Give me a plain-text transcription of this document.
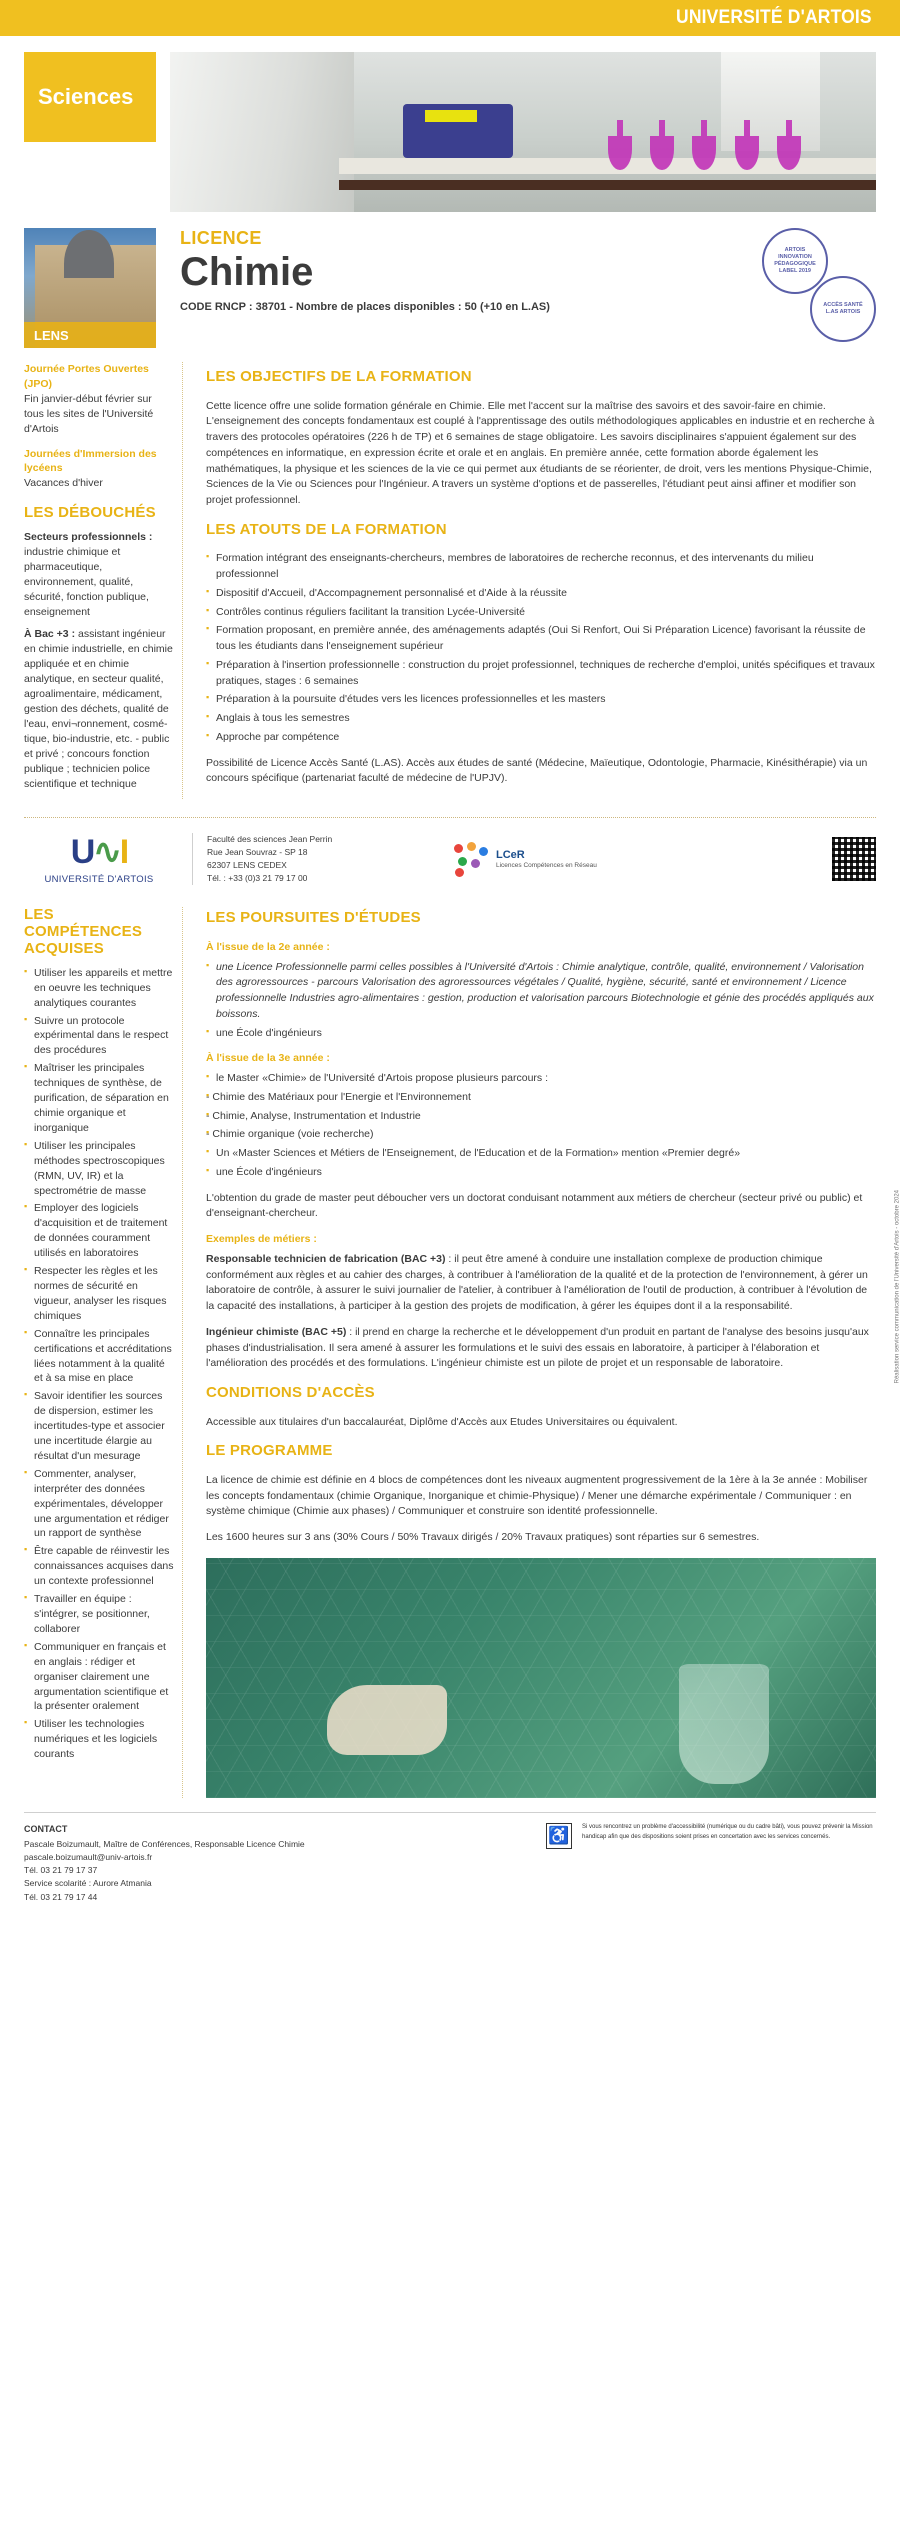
UNIVERSITÉ D'ARTOIS
Sciences
LENS
LICENCE
Chimie
CODE RNCP : 38701 - Nombre de places disponibles : 50 (+10 en L.AS)
ARTOIS INNOVATION PÉDAGOGIQUE LABEL 2019
ACCÈS SANTÉ L.AS ARTOIS
Journée Portes Ouvertes (JPO)
Fin janvier-début février sur tous les sites de l'Université d'Artois
Journées d'Immersion des lycéens
Vacances d'hiver
LES DÉBOUCHÉS
Secteurs professionnels : industrie chimique et pharmaceutique, environnement, qualité, sécurité, fonction publique, enseignement
À Bac +3 : assistant ingénieur en chimie industrielle, en chimie appliquée et en chimie analytique, en secteur qualité, agroalimentaire, médicament, gestion des déchets, qualité de l'eau, envi¬ronnement, cosmé-tique, bio-industrie, etc. - public et privé ; concours fonction publique ; technicien police scientifique et technique
LES OBJECTIFS DE LA FORMATION
Cette licence offre une solide formation générale en Chimie. Elle met l'accent sur la maîtrise des savoirs et des savoir-faire en chimie. L'enseignement des concepts fondamentaux est couplé à l'apprentissage des outils méthodologiques applicables en industrie et en recherche à travers des protocoles opératoires (226 h de TP) et 6 semaines de stage obligatoire. Les savoirs disciplinaires s'appuient également sur des compétences en informatique, en expression écrite et orale et en anglais. En première année, cette formation aborde également les mathématiques, la physique et les sciences de la vie ce qui permet aux étudiants de se réorienter, de droit, vers les mentions Physique-Chimie, Sciences de la Vie ou Sciences pour l'Ingénieur. A travers un système d'options et de passerelles, l'étudiant peut ainsi affiner et modifier son projet professionnel.
LES ATOUTS DE LA FORMATION
▪ Formation intégrant des enseignants-chercheurs, membres de laboratoires de recherche reconnus, et des intervenants du milieu professionnel
▪ Dispositif d'Accueil, d'Accompagnement personnalisé et d'Aide à la réussite
▪ Contrôles continus réguliers facilitant la transition Lycée-Université
▪ Formation proposant, en première année, des aménagements adaptés (Oui Si Renfort, Oui Si Préparation Licence) favorisant la réussite de tous les étudiants dans l'enseignement supérieur
▪ Préparation à l'insertion professionnelle : construction du projet professionnel, techniques de recherche d'emploi, unités spécifiques et travaux pratiques, stages : 6 semaines
▪ Préparation à la poursuite d'études vers les licences professionnelles et les masters
▪ Anglais à tous les semestres
▪ Approche par compétence
Possibilité de Licence Accès Santé (L.AS). Accès aux études de santé (Médecine, Maïeutique, Odontologie, Pharmacie, Kinésithérapie) via un concours spécifique (partenariat faculté de médecine de l'UPJV).
U∿I
UNIVERSITÉ D'ARTOIS
Faculté des sciences Jean Perrin
Rue Jean Souvraz - SP 18
62307 LENS CEDEX
Tél. : +33 (0)3 21 79 17 00
LCeR
Licences Compétences en Réseau
LES COMPÉTENCES ACQUISES
▪ Utiliser les appareils et mettre en oeuvre les techniques analytiques courantes
▪ Suivre un protocole expérimental dans le respect des procédures
▪ Maîtriser les principales techniques de synthèse, de purification, de séparation en chimie organique et inorganique
▪ Utiliser les principales méthodes spectroscopiques (RMN, UV, IR) et la spectrométrie de masse
▪ Employer des logiciels d'acquisition et de traitement de données couramment utilisés en laboratoires
▪ Respecter les règles et les normes de sécurité en vigueur, analyser les risques chimiques
▪ Connaître les principales certifications et accréditations liées notamment à la qualité et à sa mise en place
▪ Savoir identifier les sources de dispersion, estimer les incertitudes-type et associer une incertitude élargie au résultat d'un mesurage
▪ Commenter, analyser, interpréter des données expérimentales, développer une argumentation et rédiger un rapport de synthèse
▪ Être capable de réinvestir les connaissances acquises dans un contexte professionnel
▪ Travailler en équipe : s'intégrer, se positionner, collaborer
▪ Communiquer en français et en anglais : rédiger et organiser clairement une argumentation scientifique et la présenter oralement
▪ Utiliser les technologies numériques et les logiciels courants
LES POURSUITES D'ÉTUDES
À l'issue de la 2e année :
▪ une Licence Professionnelle parmi celles possibles à l'Université d'Artois : Chimie analytique, contrôle, qualité, environnement / Valorisation des agroressources - parcours Valorisation des agroressources végétales / Qualité, hygiène, sécurité, santé et environnement / Licence professionnelle Industries agro-alimentaires : gestion, production et valorisation parcours Biotechnologie et génie des procédés appliqués aux boissons.
▪ une École d'ingénieurs
À l'issue de la 3e année :
▪ le Master «Chimie» de l'Université d'Artois propose plusieurs parcours :
▪ - Chimie des Matériaux pour l'Energie et l'Environnement
▪ - Chimie, Analyse, Instrumentation et Industrie
▪ - Chimie organique (voie recherche)
▪ Un «Master Sciences et Métiers de l'Enseignement, de l'Education et de la Formation» mention «Premier degré»
▪ une École d'ingénieurs
L'obtention du grade de master peut déboucher vers un doctorat conduisant notamment aux métiers de chercheur (secteur privé ou public) et d'enseignant-chercheur.
Exemples de métiers :
Responsable technicien de fabrication (BAC +3) : il peut être amené à conduire une installation complexe de production chimique conformément aux règles et au cahier des charges, à contribuer à l'amélioration de la qualité et de la protection de l'environnement, à gérer un laboratoire de contrôle, à assurer le suivi journalier de l'atelier, à contribuer à l'amélioration de l'outil de production, à contribuer à l'évolution de la capacité des installations, à participer à la gestion des projets de modification, à gérer les équipes dont il a la responsabilité.
Ingénieur chimiste (BAC +5) : il prend en charge la recherche et le développement d'un produit en partant de l'analyse des besoins jusqu'aux phases d'industrialisation. Il sera amené à assurer les formulations et le suivi des essais en laboratoire, à participer à l'élaboration et l'amélioration des procédés et des formulations. L'ingénieur chimiste est un pilote de projet et un responsable de laboratoire.
CONDITIONS D'ACCÈS
Accessible aux titulaires d'un baccalauréat, Diplôme d'Accès aux Etudes Universitaires ou équivalent.
LE PROGRAMME
La licence de chimie est définie en 4 blocs de compétences dont les niveaux augmentent progressivement de la 1ère à la 3e année : Mobiliser les concepts fondamentaux (chimie Organique, Inorganique et chimie-Physique) / Mener une démarche expérimentale / Communiquer : en système chimique (Chimie aux phases) / Communiquer et construire son identité professionnelle.
Les 1600 heures sur 3 ans (30% Cours / 50% Travaux dirigés / 20% Travaux pratiques) sont réparties sur 6 semestres.
Réalisation service communication de l'Université d'Artois - octobre 2024
CONTACT
Pascale Boizumault, Maître de Conférences, Responsable Licence Chimie
pascale.boizumault@univ-artois.fr
Tél. 03 21 79 17 37
Service scolarité : Aurore Atmania
Tél. 03 21 79 17 44
♿	Si vous rencontrez un problème d'accessibilité (numérique ou du cadre bâti), vous pouvez prévenir la Mission handicap afin que des dispositions soient prises en concertation avec les services concernés.
